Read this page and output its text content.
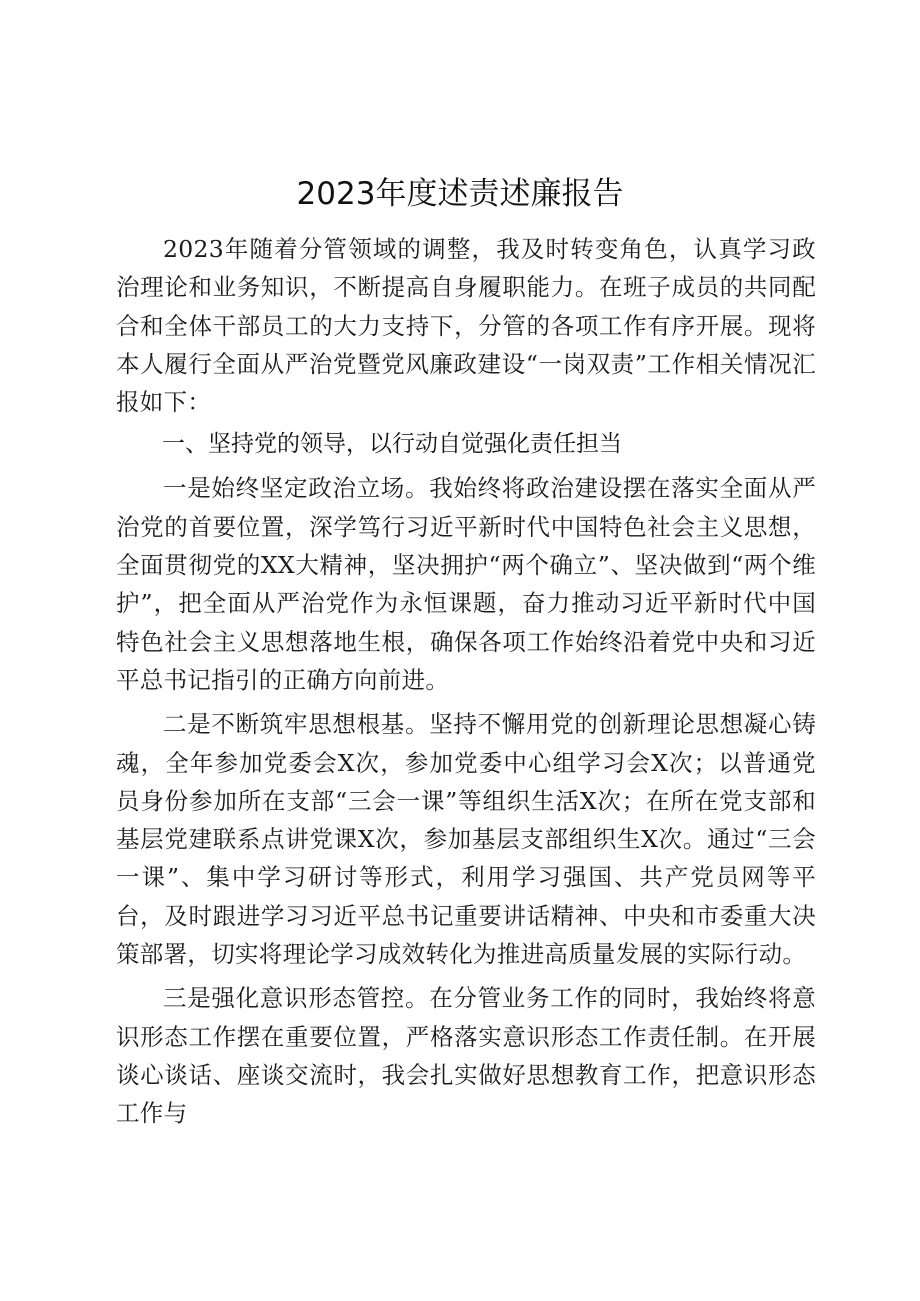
2023年度述责述廉报告

2023年随着分管领域的调整，我及时转变角色，认真学习政治理论和业务知识，不断提高自身履职能力。在班子成员的共同配合和全体干部员工的大力支持下，分管的各项工作有序开展。现将本人履行全面从严治党暨党风廉政建设“一岗双责”工作相关情况汇报如下：

一、坚持党的领导，以行动自觉强化责任担当

一是始终坚定政治立场。我始终将政治建设摆在落实全面从严治党的首要位置，深学笃行习近平新时代中国特色社会主义思想，全面贯彻党的XX大精神，坚决拥护“两个确立”、坚决做到“两个维护”，把全面从严治党作为永恒课题，奋力推动习近平新时代中国特色社会主义思想落地生根，确保各项工作始终沿着党中央和习近平总书记指引的正确方向前进。

二是不断筑牢思想根基。坚持不懈用党的创新理论思想凝心铸魂，全年参加党委会X次，参加党委中心组学习会X次；以普通党员身份参加所在支部“三会一课”等组织生活X次；在所在党支部和基层党建联系点讲党课X次，参加基层支部组织生X次。通过“三会一课”、集中学习研讨等形式，利用学习强国、共产党员网等平台，及时跟进学习习近平总书记重要讲话精神、中央和市委重大决策部署，切实将理论学习成效转化为推进高质量发展的实际行动。

三是强化意识形态管控。在分管业务工作的同时，我始终将意识形态工作摆在重要位置，严格落实意识形态工作责任制。在开展谈心谈话、座谈交流时，我会扎实做好思想教育工作，把意识形态工作与
